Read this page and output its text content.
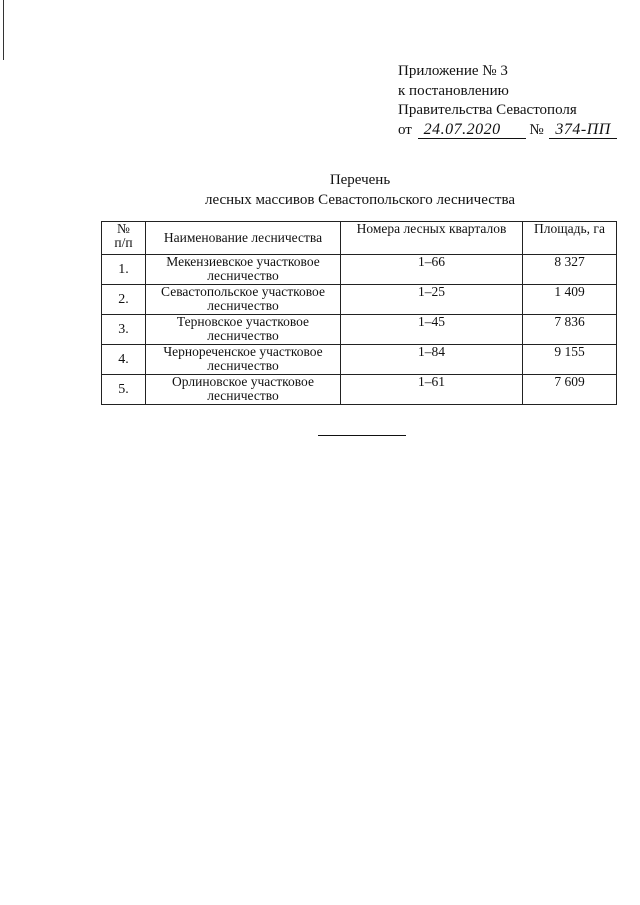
Приложение № 3
к постановлению
Правительства Севастополя
от 24.07.2020 № 374-ПП
Перечень
лесных массивов Севастопольского лесничества
№
п/п	Наименование лесничества	Номера лесных кварталов	Площадь, га
1.	Мекензиевское участковое лесничество	1–66	8 327
2.	Севастопольское участковое лесничество	1–25	1 409
3.	Терновское участковое лесничество	1–45	7 836
4.	Чернореченское участковое лесничество	1–84	9 155
5.	Орлиновское участковое лесничество	1–61	7 609
